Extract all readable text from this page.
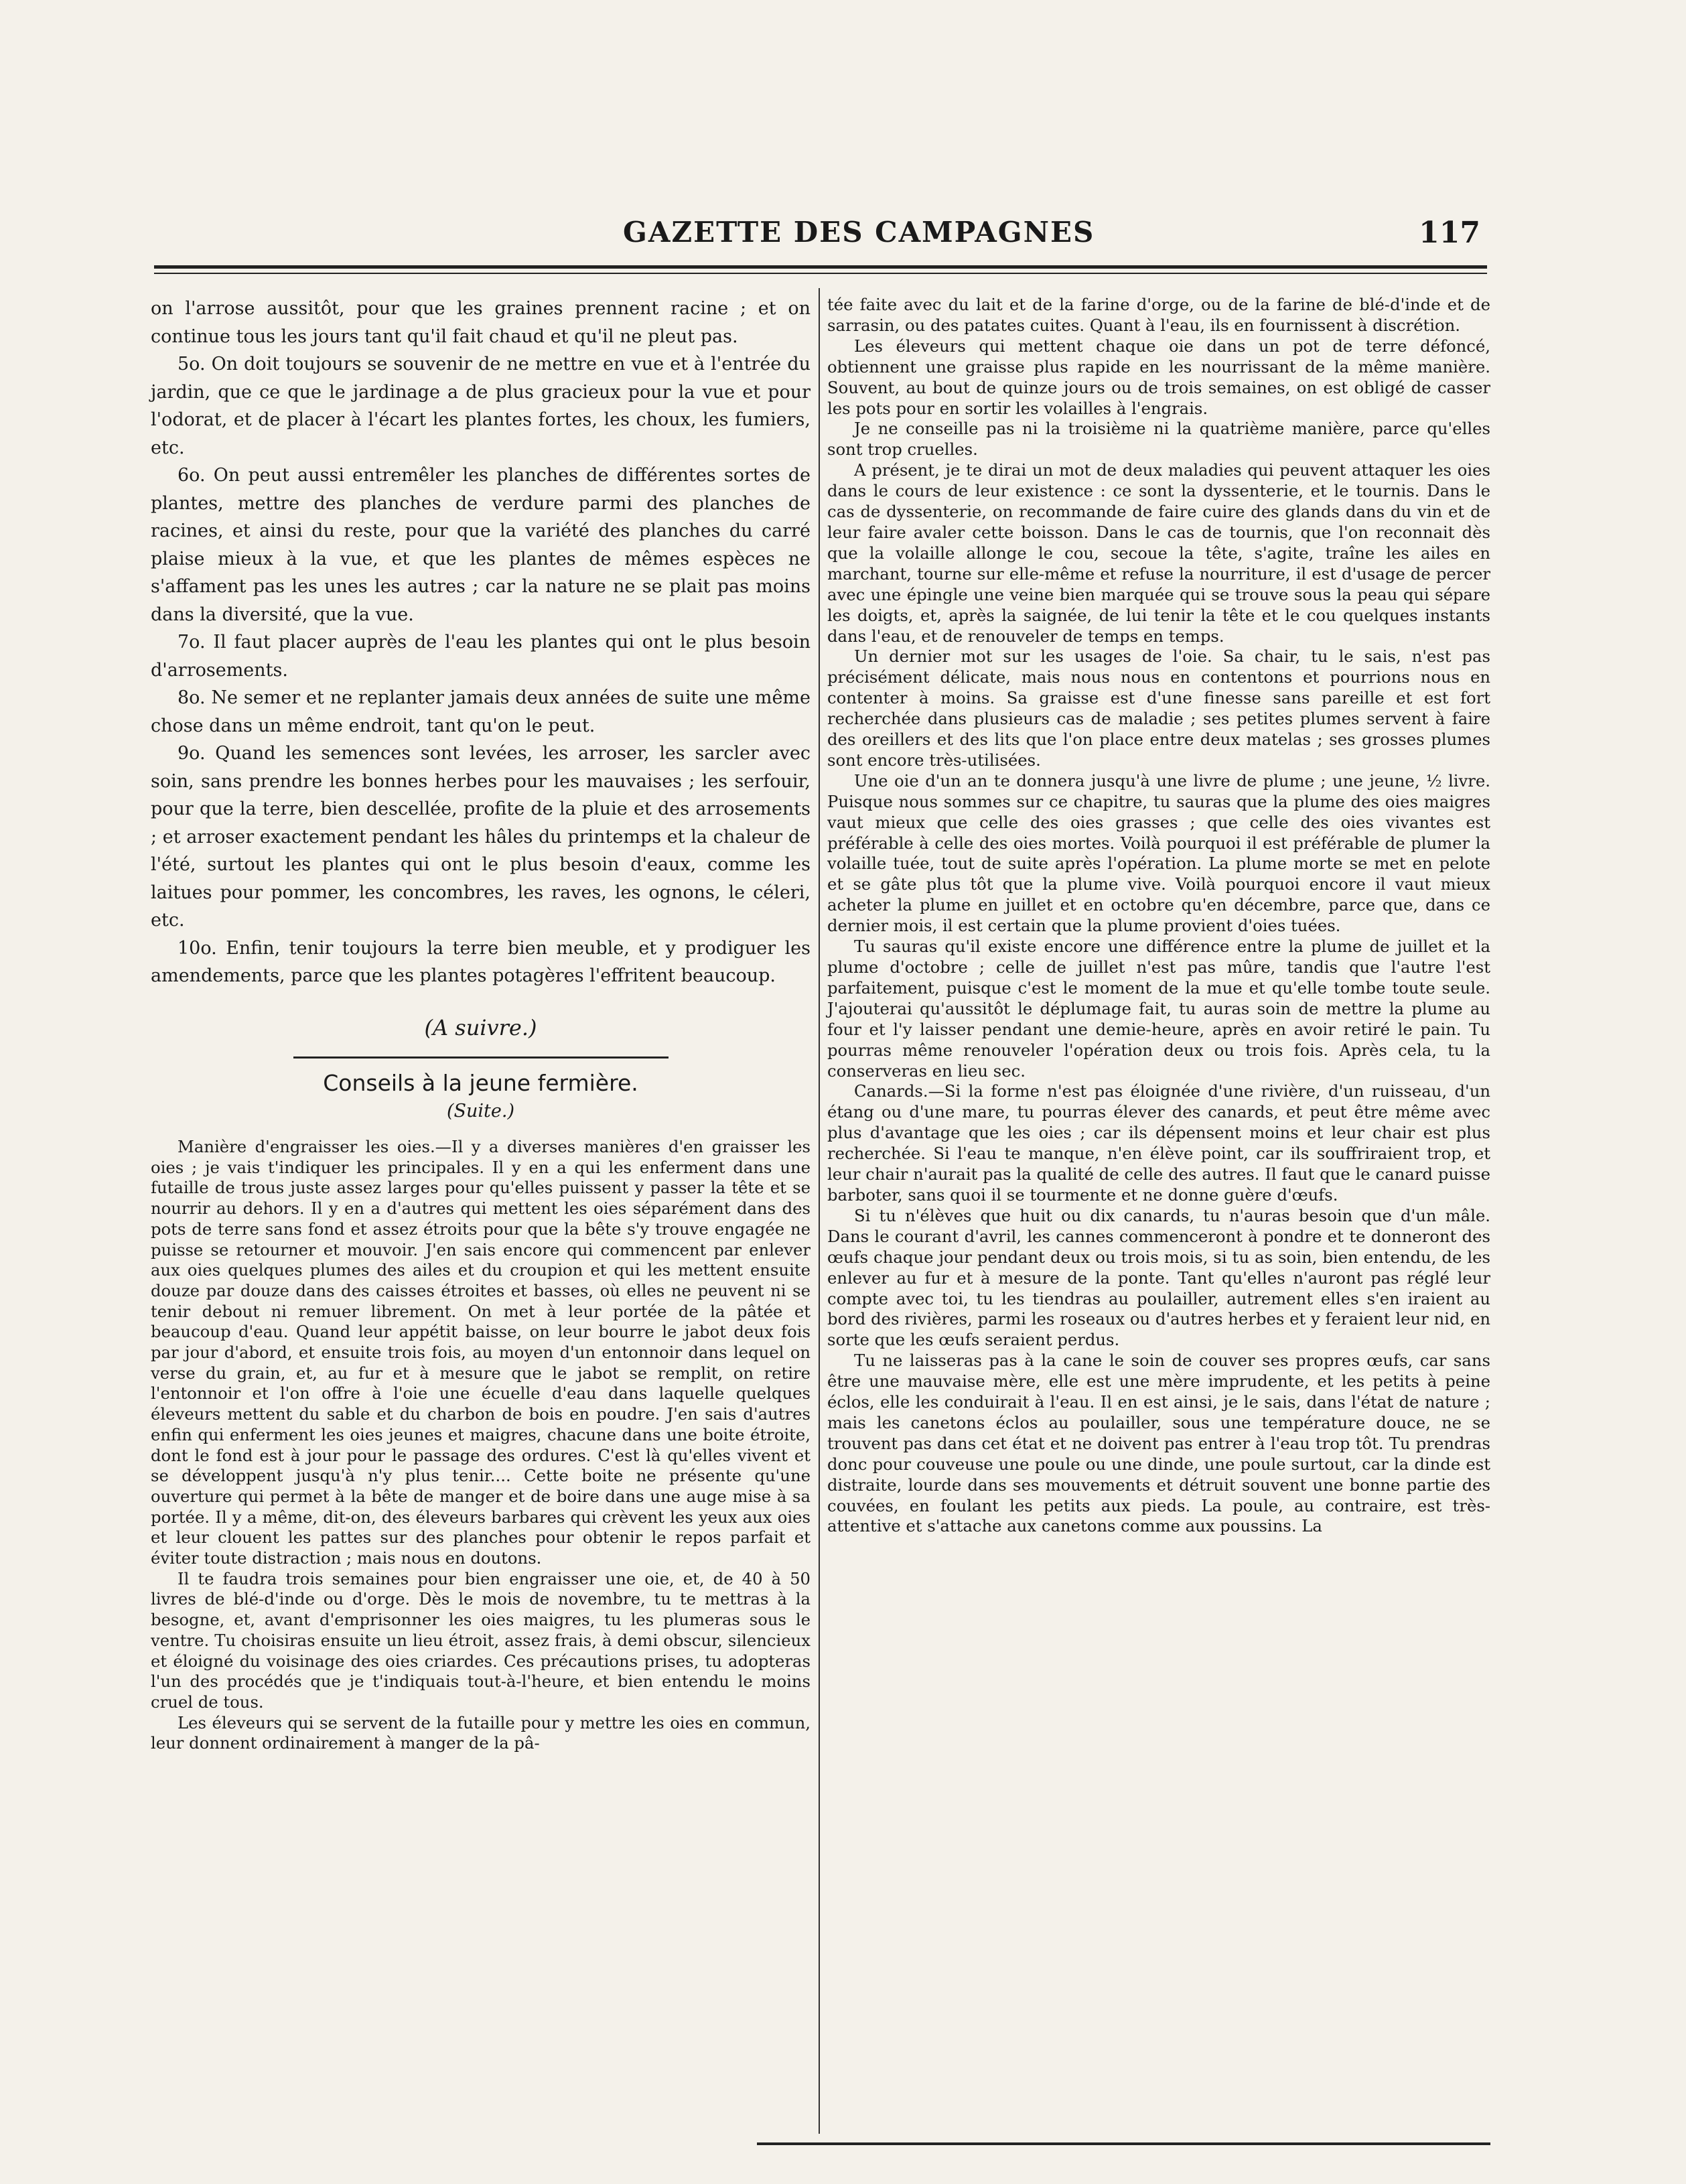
GAZETTE DES CAMPAGNES	117

on l'arrose aussitôt, pour que les graines prennent racine ; et on continue tous les jours tant qu'il fait chaud et qu'il ne pleut pas.

5o. On doit toujours se souvenir de ne mettre en vue et à l'entrée du jardin, que ce que le jardinage a de plus gracieux pour la vue et pour l'odorat, et de placer à l'écart les plantes fortes, les choux, les fumiers, etc.

6o. On peut aussi entremêler les planches de différentes sortes de plantes, mettre des planches de verdure parmi des planches de racines, et ainsi du reste, pour que la variété des planches du carré plaise mieux à la vue, et que les plantes de mêmes espèces ne s'affament pas les unes les autres ; car la nature ne se plait pas moins dans la diversité, que la vue.

7o. Il faut placer auprès de l'eau les plantes qui ont le plus besoin d'arrosements.

8o. Ne semer et ne replanter jamais deux années de suite une même chose dans un même endroit, tant qu'on le peut.

9o. Quand les semences sont levées, les arroser, les sarcler avec soin, sans prendre les bonnes herbes pour les mauvaises ; les serfouir, pour que la terre, bien descellée, profite de la pluie et des arrosements ; et arroser exactement pendant les hâles du printemps et la chaleur de l'été, surtout les plantes qui ont le plus besoin d'eaux, comme les laitues pour pommer, les concombres, les raves, les ognons, le céleri, etc.

10o. Enfin, tenir toujours la terre bien meuble, et y prodiguer les amendements, parce que les plantes potagères l'effritent beaucoup.

(A suivre.)

Conseils à la jeune fermière.

(Suite.)

Manière d'engraisser les oies.—Il y a diverses manières d'en graisser les oies ; je vais t'indiquer les principales. Il y en a qui les enferment dans une futaille de trous juste assez larges pour qu'elles puissent y passer la tête et se nourrir au dehors. Il y en a d'autres qui mettent les oies séparément dans des pots de terre sans fond et assez étroits pour que la bête s'y trouve engagée ne puisse se retourner et mouvoir. J'en sais encore qui commencent par enlever aux oies quelques plumes des ailes et du croupion et qui les mettent ensuite douze par douze dans des caisses étroites et basses, où elles ne peuvent ni se tenir debout ni remuer librement. On met à leur portée de la pâtée et beaucoup d'eau. Quand leur appétit baisse, on leur bourre le jabot deux fois par jour d'abord, et ensuite trois fois, au moyen d'un entonnoir dans lequel on verse du grain, et, au fur et à mesure que le jabot se remplit, on retire l'entonnoir et l'on offre à l'oie une écuelle d'eau dans laquelle quelques éleveurs mettent du sable et du charbon de bois en poudre. J'en sais d'autres enfin qui enferment les oies jeunes et maigres, chacune dans une boite étroite, dont le fond est à jour pour le passage des ordures. C'est là qu'elles vivent et se développent jusqu'à n'y plus tenir.... Cette boite ne présente qu'une ouverture qui permet à la bête de manger et de boire dans une auge mise à sa portée. Il y a même, dit-on, des éleveurs barbares qui crèvent les yeux aux oies et leur clouent les pattes sur des planches pour obtenir le repos parfait et éviter toute distraction ; mais nous en doutons.

Il te faudra trois semaines pour bien engraisser une oie, et, de 40 à 50 livres de blé-d'inde ou d'orge. Dès le mois de novembre, tu te mettras à la besogne, et, avant d'emprisonner les oies maigres, tu les plumeras sous le ventre. Tu choisiras ensuite un lieu étroit, assez frais, à demi obscur, silencieux et éloigné du voisinage des oies criardes. Ces précautions prises, tu adopteras l'un des procédés que je t'indiquais tout-à-l'heure, et bien entendu le moins cruel de tous.

Les éleveurs qui se servent de la futaille pour y mettre les oies en commun, leur donnent ordinairement à manger de la pâ-

tée faite avec du lait et de la farine d'orge, ou de la farine de blé-d'inde et de sarrasin, ou des patates cuites. Quant à l'eau, ils en fournissent à discrétion.

Les éleveurs qui mettent chaque oie dans un pot de terre défoncé, obtiennent une graisse plus rapide en les nourrissant de la même manière. Souvent, au bout de quinze jours ou de trois semaines, on est obligé de casser les pots pour en sortir les volailles à l'engrais.

Je ne conseille pas ni la troisième ni la quatrième manière, parce qu'elles sont trop cruelles.

A présent, je te dirai un mot de deux maladies qui peuvent attaquer les oies dans le cours de leur existence : ce sont la dyssenterie, et le tournis. Dans le cas de dyssenterie, on recommande de faire cuire des glands dans du vin et de leur faire avaler cette boisson. Dans le cas de tournis, que l'on reconnait dès que la volaille allonge le cou, secoue la tête, s'agite, traîne les ailes en marchant, tourne sur elle-même et refuse la nourriture, il est d'usage de percer avec une épingle une veine bien marquée qui se trouve sous la peau qui sépare les doigts, et, après la saignée, de lui tenir la tête et le cou quelques instants dans l'eau, et de renouveler de temps en temps.

Un dernier mot sur les usages de l'oie. Sa chair, tu le sais, n'est pas précisément délicate, mais nous nous en contentons et pourrions nous en contenter à moins. Sa graisse est d'une finesse sans pareille et est fort recherchée dans plusieurs cas de maladie ; ses petites plumes servent à faire des oreillers et des lits que l'on place entre deux matelas ; ses grosses plumes sont encore très-utilisées.

Une oie d'un an te donnera jusqu'à une livre de plume ; une jeune, ½ livre. Puisque nous sommes sur ce chapitre, tu sauras que la plume des oies maigres vaut mieux que celle des oies grasses ; que celle des oies vivantes est préférable à celle des oies mortes. Voilà pourquoi il est préférable de plumer la volaille tuée, tout de suite après l'opération. La plume morte se met en pelote et se gâte plus tôt que la plume vive. Voilà pourquoi encore il vaut mieux acheter la plume en juillet et en octobre qu'en décembre, parce que, dans ce dernier mois, il est certain que la plume provient d'oies tuées.

Tu sauras qu'il existe encore une différence entre la plume de juillet et la plume d'octobre ; celle de juillet n'est pas mûre, tandis que l'autre l'est parfaitement, puisque c'est le moment de la mue et qu'elle tombe toute seule. J'ajouterai qu'aussitôt le déplumage fait, tu auras soin de mettre la plume au four et l'y laisser pendant une demie-heure, après en avoir retiré le pain. Tu pourras même renouveler l'opération deux ou trois fois. Après cela, tu la conserveras en lieu sec.

Canards.—Si la forme n'est pas éloignée d'une rivière, d'un ruisseau, d'un étang ou d'une mare, tu pourras élever des canards, et peut être même avec plus d'avantage que les oies ; car ils dépensent moins et leur chair est plus recherchée. Si l'eau te manque, n'en élève point, car ils souffriraient trop, et leur chair n'aurait pas la qualité de celle des autres. Il faut que le canard puisse barboter, sans quoi il se tourmente et ne donne guère d'œufs.

Si tu n'élèves que huit ou dix canards, tu n'auras besoin que d'un mâle. Dans le courant d'avril, les cannes commenceront à pondre et te donneront des œufs chaque jour pendant deux ou trois mois, si tu as soin, bien entendu, de les enlever au fur et à mesure de la ponte. Tant qu'elles n'auront pas réglé leur compte avec toi, tu les tiendras au poulailler, autrement elles s'en iraient au bord des rivières, parmi les roseaux ou d'autres herbes et y feraient leur nid, en sorte que les œufs seraient perdus.

Tu ne laisseras pas à la cane le soin de couver ses propres œufs, car sans être une mauvaise mère, elle est une mère imprudente, et les petits à peine éclos, elle les conduirait à l'eau. Il en est ainsi, je le sais, dans l'état de nature ; mais les canetons éclos au poulailler, sous une température douce, ne se trouvent pas dans cet état et ne doivent pas entrer à l'eau trop tôt. Tu prendras donc pour couveuse une poule ou une dinde, une poule surtout, car la dinde est distraite, lourde dans ses mouvements et détruit souvent une bonne partie des couvées, en foulant les petits aux pieds. La poule, au contraire, est très-attentive et s'attache aux canetons comme aux poussins. La
